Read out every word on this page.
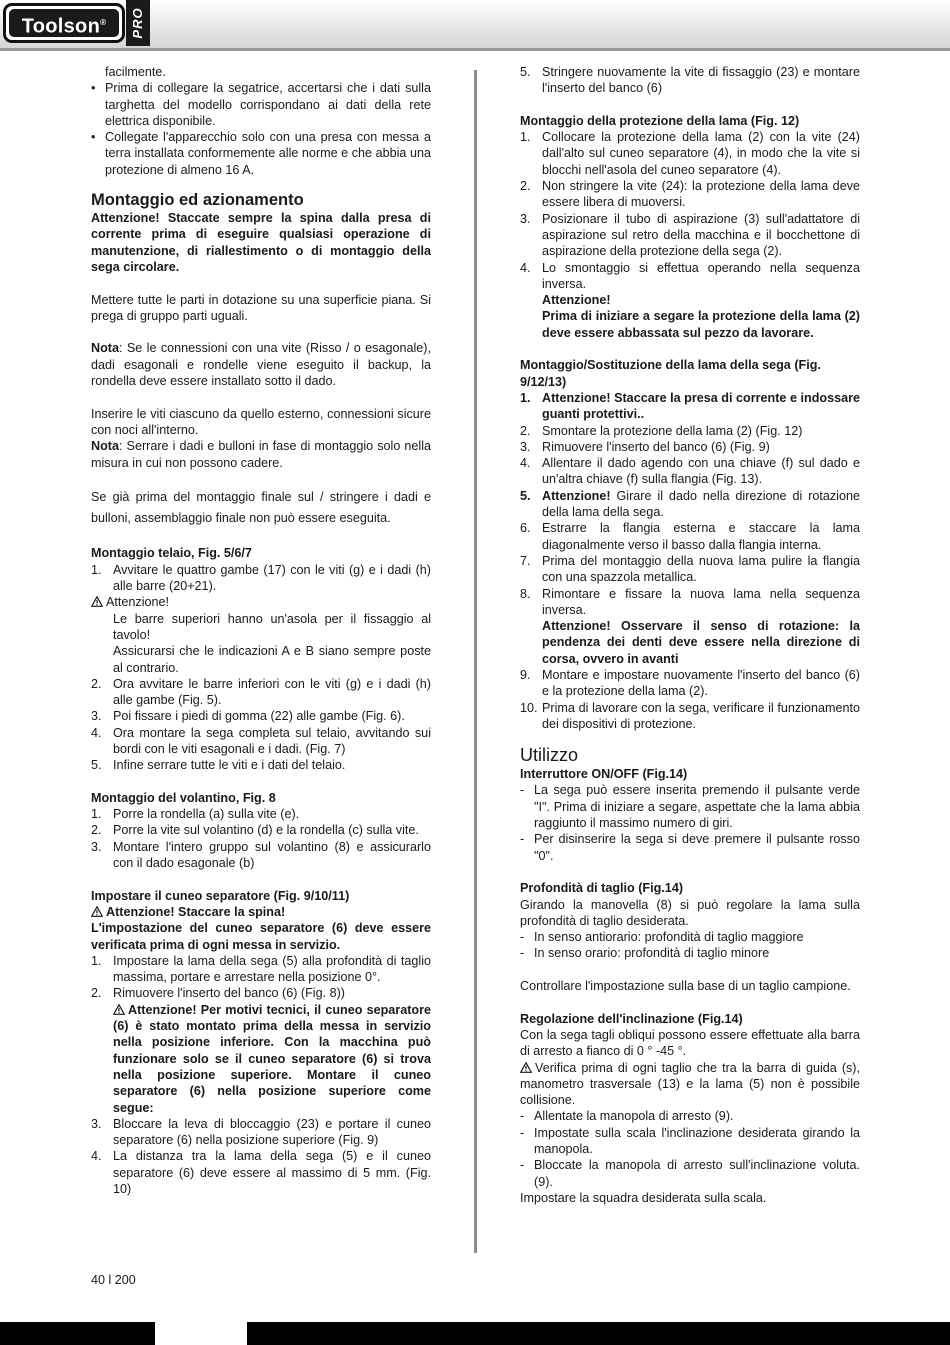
Toolson®	PRO

facilmente.

• Prima di collegare la segatrice, accertarsi che i dati sulla targhetta del modello corrispondano ai dati della rete elettrica disponibile.
• Collegate l'apparecchio solo con una presa con messa a terra installata conformemente alle norme e che abbia una protezione di almeno 16 A.
Montaggio ed azionamento

Attenzione! Staccate sempre la spina dalla presa di corrente prima di eseguire qualsiasi operazione di manutenzione, di riallestimento o di montaggio della sega circolare.

Mettere tutte le parti in dotazione su una superficie piana. Si prega di gruppo parti uguali.

Nota: Se le connessioni con una vite (Risso / o esagonale), dadi esagonali e rondelle viene eseguito il backup, la rondella deve essere installato sotto il dado.

Inserire le viti ciascuno da quello esterno, connessioni sicure con noci all'interno.

Nota: Serrare i dadi e bulloni in fase di montaggio solo nella misura in cui non possono cadere.

Se già prima del montaggio finale sul / stringere i dadi e bulloni, assemblaggio finale non può essere eseguita.

Montaggio telaio, Fig. 5/6/7
1. Avvitare le quattro gambe (17) con le viti (g) e i dadi (h) alle barre (20+21).
Attenzione!

Le barre superiori hanno un'asola per il fissaggio al tavolo!

Assicurarsi che le indicazioni A e B siano sempre poste al contrario.

2. Ora avvitare le barre inferiori con le viti (g) e i dadi (h) alle gambe (Fig. 5).
3. Poi fissare i piedi di gomma (22) alle gambe (Fig. 6).
4. Ora montare la sega completa sul telaio, avvitando sui bordi con le viti esagonali e i dadi. (Fig. 7)
5. Infine serrare tutte le viti e i dati del telaio.
Montaggio del volantino, Fig. 8
1. Porre la rondella (a) sulla vite (e).
2. Porre la vite sul volantino (d) e la rondella (c) sulla vite.
3. Montare l'intero gruppo sul volantino (8) e assicurarlo con il dado esagonale (b)
Impostare il cuneo separatore (Fig. 9/10/11)
Attenzione! Staccare la spina!

L'impostazione del cuneo separatore (6) deve essere verificata prima di ogni messa in servizio.

1. Impostare la lama della sega (5) alla profondità di taglio massima, portare e arrestare nella posizione 0°.
2. Rimuovere l'inserto del banco (6) (Fig. 8))

Attenzione! Per motivi tecnici, il cuneo separatore (6) è stato montato prima della messa in servizio nella posizione inferiore. Con la macchina può funzionare solo se il cuneo separatore (6) si trova nella posizione superiore. Montare il cuneo separatore (6) nella posizione superiore come segue:

3. Bloccare la leva di bloccaggio (23) e portare il cuneo separatore (6) nella posizione superiore (Fig. 9)
4. La distanza tra la lama della sega (5) e il cuneo separatore (6) deve essere al massimo di 5 mm. (Fig. 10)
5. Stringere nuovamente la vite di fissaggio (23) e montare l'inserto del banco (6)
Montaggio della protezione della lama (Fig. 12)
1. Collocare la protezione della lama (2) con la vite (24) dall'alto sul cuneo separatore (4), in modo che la vite si blocchi nell'asola del cuneo separatore (4).
2. Non stringere la vite (24): la protezione della lama deve essere libera di muoversi.
3. Posizionare il tubo di aspirazione (3) sull'adattatore di aspirazione sul retro della macchina e il bocchettone di aspirazione della protezione della sega (2).
4. Lo smontaggio si effettua operando nella sequenza inversa.

Attenzione!

Prima di iniziare a segare la protezione della lama (2) deve essere abbassata sul pezzo da lavorare.

Montaggio/Sostituzione della lama della sega (Fig. 9/12/13)
1. Attenzione! Staccare la presa di corrente e indossare guanti protettivi..
2. Smontare la protezione della lama (2) (Fig. 12)
3. Rimuovere l'inserto del banco (6) (Fig. 9)
4. Allentare il dado agendo con una chiave (f) sul dado e un'altra chiave (f) sulla flangia (Fig. 13).
5. Attenzione! Girare il dado nella direzione di rotazione della lama della sega.
6. Estrarre la flangia esterna e staccare la lama diagonalmente verso il basso dalla flangia interna.
7. Prima del montaggio della nuova lama pulire la flangia con una spazzola metallica.
8. Rimontare e fissare la nuova lama nella sequenza inversa.

Attenzione! Osservare il senso di rotazione: la pendenza dei denti deve essere nella direzione di corsa, ovvero in avanti

9. Montare e impostare nuovamente l'inserto del banco (6) e la protezione della lama (2).
10. Prima di lavorare con la sega, verificare il funzionamento dei dispositivi di protezione.
Utilizzo
Interruttore ON/OFF (Fig.14)
- La sega può essere inserita premendo il pulsante verde "I". Prima di iniziare a segare, aspettate che la lama abbia raggiunto il massimo numero di giri.
- Per disinserire la sega si deve premere il pulsante rosso "0".
Profondità di taglio (Fig.14)

Girando la manovella (8) si può regolare la lama sulla profondità di taglio desiderata.

- In senso antiorario: profondità di taglio maggiore
- In senso orario: profondità di taglio minore

Controllare l'impostazione sulla base di un taglio campione.

Regolazione dell'inclinazione (Fig.14)

Con la sega tagli obliqui possono essere effettuate alla barra di arresto a fianco di 0 ° -45 °.

Verifica prima di ogni taglio che tra la barra di guida (s), manometro trasversale (13) e la lama (5) non è possibile collisione.

- Allentate la manopola di arresto (9).
- Impostate sulla scala l'inclinazione desiderata girando la manopola.
- Bloccate la manopola di arresto sull'inclinazione voluta. (9).

Impostare la squadra desiderata sulla scala.

40 l 200
